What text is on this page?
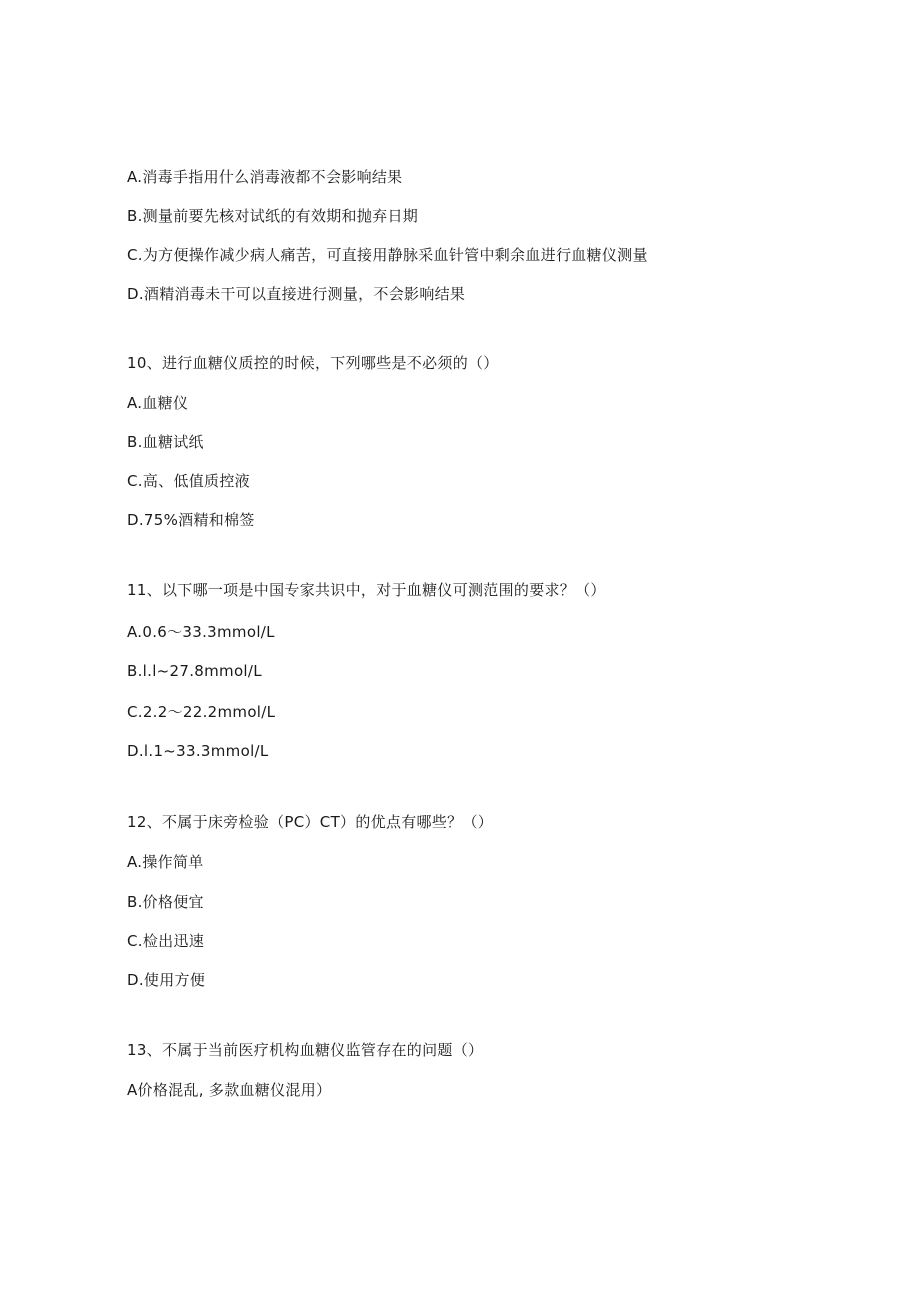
A.消毒手指用什么消毒液都不会影响结果
B.测量前要先核对试纸的有效期和抛弃日期
C.为方便操作减少病人痛苦，可直接用静脉采血针管中剩余血进行血糖仪测量
D.酒精消毒未干可以直接进行测量，不会影响结果
10、进行血糖仪质控的时候，下列哪些是不必须的（）
A.血糖仪
B.血糖试纸
C.高、低值质控液
D.75%酒精和棉签
11、以下哪一项是中国专家共识中，对于血糖仪可测范围的要求？（）
A.0.6～33.3mmol∕L
B.l.l~27.8mmol∕L
C.2.2～22.2mmol∕L
D.l.1~33.3mmol∕L
12、不属于床旁检验（PC）CT）的优点有哪些？（）
A.操作简单
B.价格便宜
C.检出迅速
D.使用方便
13、不属于当前医疗机构血糖仪监管存在的问题（）
A价格混乱, 多款血糖仪混用）
